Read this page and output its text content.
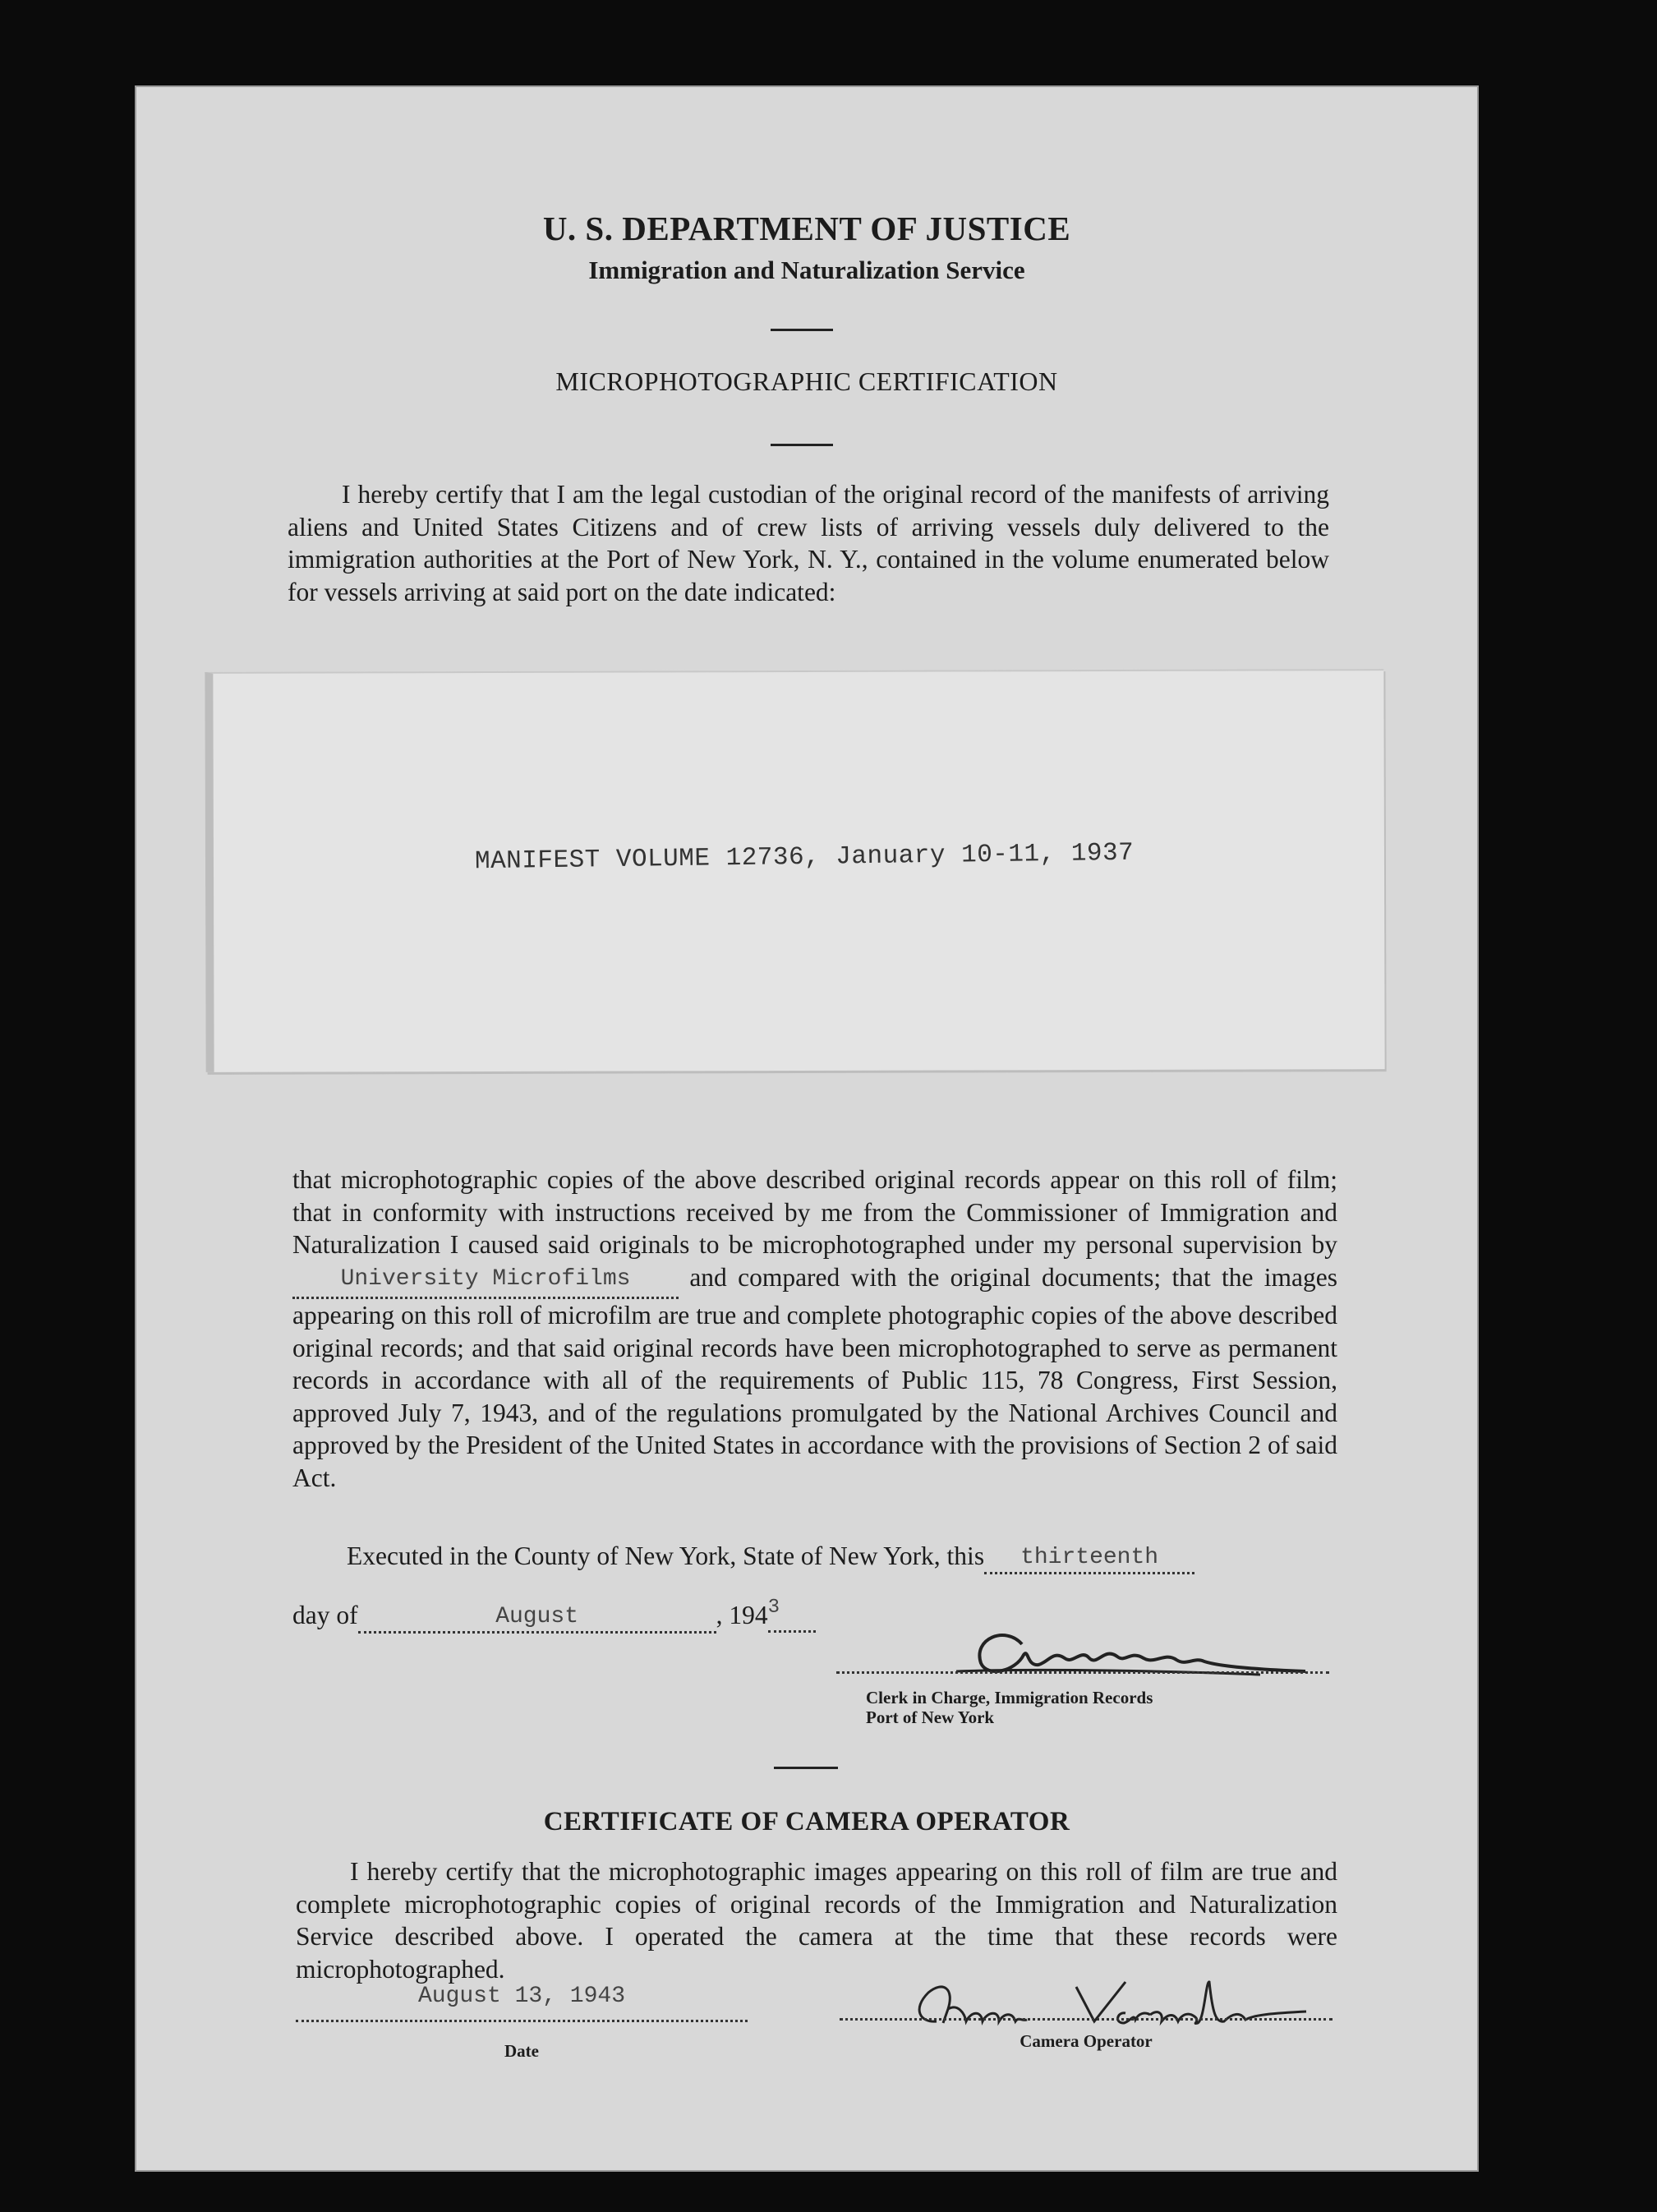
U. S. DEPARTMENT OF JUSTICE
Immigration and Naturalization Service
MICROPHOTOGRAPHIC CERTIFICATION
I hereby certify that I am the legal custodian of the original record of the manifests of arriving aliens and United States Citizens and of crew lists of arriving vessels duly delivered to the immigration authorities at the Port of New York, N. Y., contained in the volume enumerated below for vessels arriving at said port on the date indicated:
MANIFEST VOLUME 12736, January 10-11, 1937
that microphotographic copies of the above described original records appear on this roll of film; that in conformity with instructions received by me from the Commissioner of Immigration and Naturalization I caused said originals to be microphotographed under my personal supervision by University Microfilms and compared with the original documents; that the images appearing on this roll of microfilm are true and complete photographic copies of the above described original records; and that said original records have been microphotographed to serve as permanent records in accordance with all of the requirements of Public 115, 78 Congress, First Session, approved July 7, 1943, and of the regulations promulgated by the National Archives Council and approved by the President of the United States in accordance with the provisions of Section 2 of said Act.
Executed in the County of New York, State of New York, this thirteenth
day of	August	, $194^3$
Clerk in Charge, Immigration Records
Port of New York
CERTIFICATE OF CAMERA OPERATOR
I hereby certify that the microphotographic images appearing on this roll of film are true and complete microphotographic copies of original records of the Immigration and Naturalization Service described above. I operated the camera at the time that these records were microphotographed.
August 13, 1943
Date	Camera Operator
